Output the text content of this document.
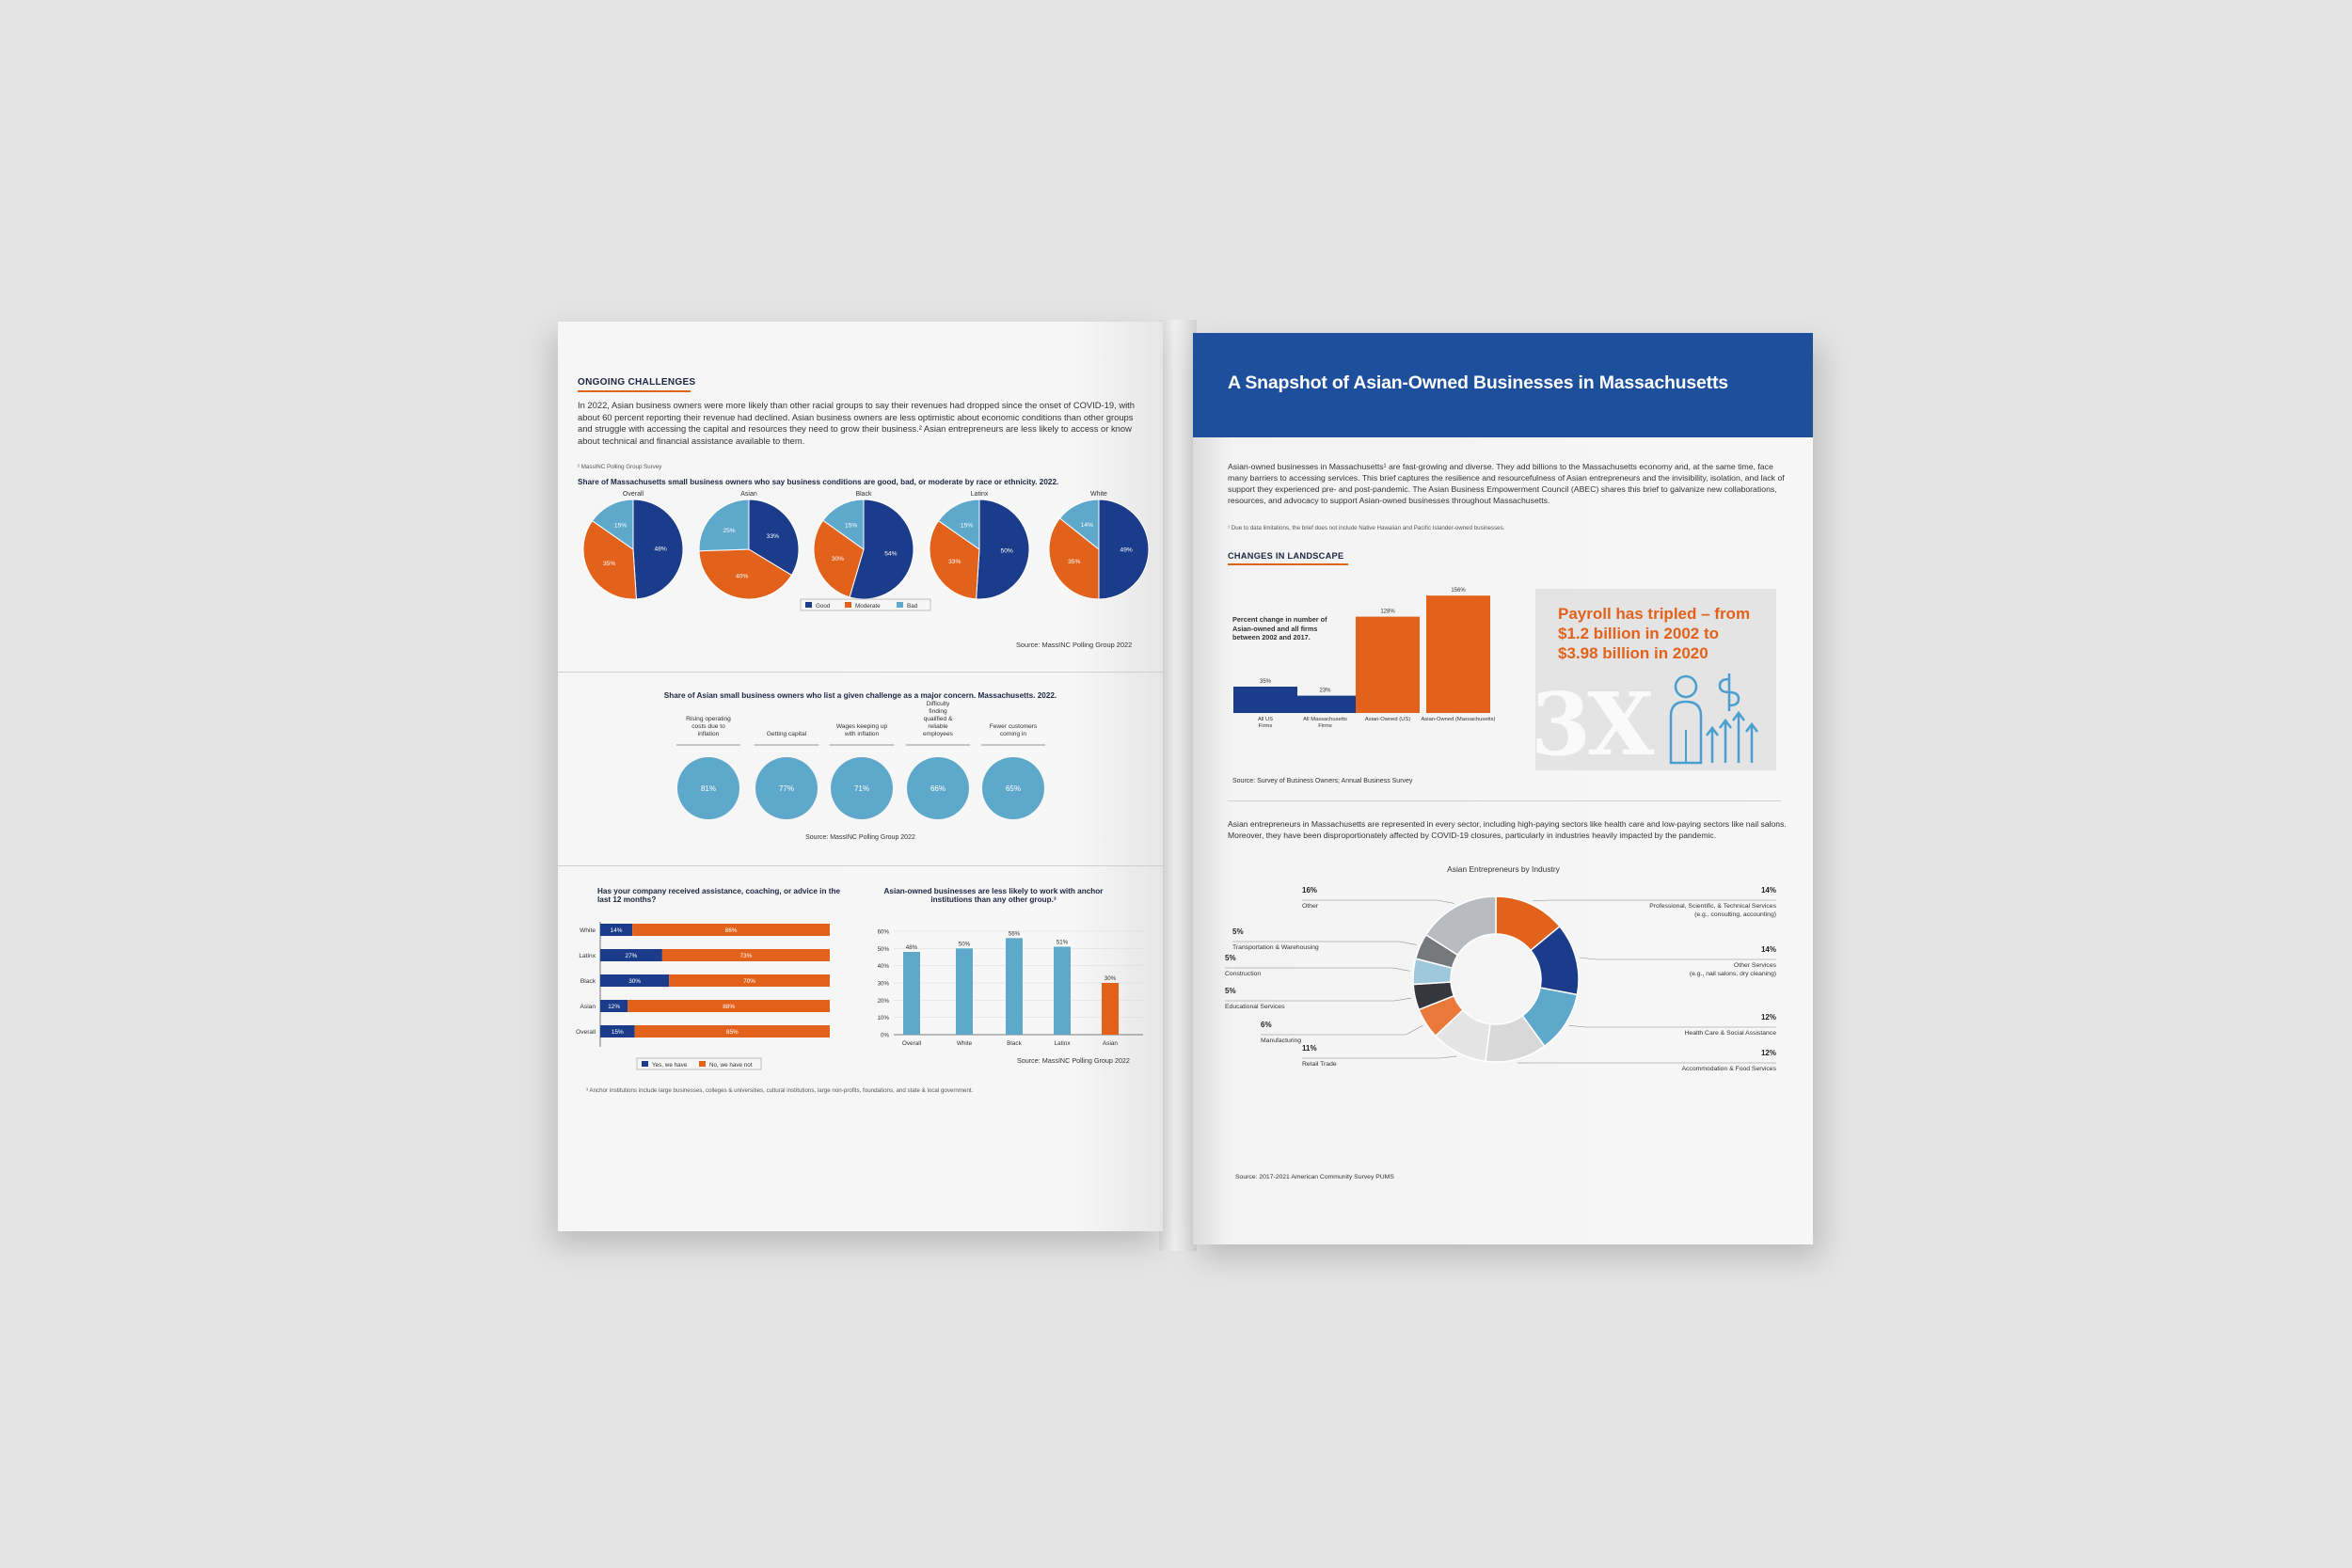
ONGOING CHALLENGES
In 2022, Asian business owners were more likely than other racial groups to say their revenues had dropped since the onset of COVID-19, with about 60 percent reporting their revenue had declined. Asian business owners are less optimistic about economic conditions than other groups and struggle with accessing the capital and resources they need to grow their business.² Asian entrepreneurs are less likely to access or know about technical and financial assistance available to them.
² MassINC Polling Group Survey
Share of Massachusetts small business owners who say business conditions are good, bad, or moderate by race or ethnicity. 2022.
Overall
48%
35%
15%
Asian
33%
40%
25%
Black
54%
30%
15%
Latinx
50%
33%
15%
White
49%
35%
14%
Good	Moderate	Bad
Source: MassINC Polling Group 2022
Share of Asian small business owners who list a given challenge as a major concern. Massachusetts. 2022.
Rising operating
costs due to
inflation
81%
Getting capital
77%
Wages keeping up
with inflation
71%
Difficulty
finding
qualified &
reliable
employees
66%
Fewer customers
coming in
65%
Source: MassINC Polling Group 2022
Has your company received assistance, coaching, or advice in the last 12 months?
White 14%	86%
Latinx	27%	73%
Black	30%	70%
Asian 12%	88%
Overall	15%	85%
Yes, we have	No, we have not
Asian-owned businesses are less likely to work with anchor institutions than any other group.³
0%
10%
20%
30%
40%
50%
60%
48%
Overall
50%
White
56%
Black
51%
Latinx
30%
Asian
Source: MassINC Polling Group 2022
³ Anchor institutions include large businesses, colleges & universities, cultural institutions, large non-profits, foundations, and state & local government.
A Snapshot of Asian-Owned Businesses in Massachusetts
Asian-owned businesses in Massachusetts¹ are fast-growing and diverse. They add billions to the Massachusetts economy and, at the same time, face many barriers to accessing services. This brief captures the resilience and resourcefulness of Asian entrepreneurs and the invisibility, isolation, and lack of support they experienced pre- and post-pandemic. The Asian Business Empowerment Council (ABEC) shares this brief to galvanize new collaborations, resources, and advocacy to support Asian-owned businesses throughout Massachusetts.
¹ Due to data limitations, the brief does not include Native Hawaiian and Pacific Islander-owned businesses.
CHANGES IN LANDSCAPE
Percent change in number of Asian-owned and all firms between 2002 and 2017.
35%
All US
Firms
23%
All Massachusetts
Firms
128%
Asian-Owned (US)
156%
Asian-Owned (Massachusetts)
Source: Survey of Business Owners; Annual Business Survey
3X
Payroll has tripled – from $1.2 billion in 2002 to $3.98 billion in 2020
Asian entrepreneurs in Massachusetts are represented in every sector, including high-paying sectors like health care and low-paying sectors like nail salons. Moreover, they have been disproportionately affected by COVID-19 closures, particularly in industries heavily impacted by the pandemic.
Asian Entrepreneurs by Industry
14%
Professional, Scientific, & Technical Services
(e.g., consulting, accounting)
14%
Other Services
(e.g., nail salons, dry cleaning)
12%
Health Care & Social Assistance
12%
Accommodation & Food Services
11%
Retail Trade
6%
Manufacturing
5%
Educational Services
5%
Construction
5%
Transportation & Warehousing
16%
Other
Source: 2017-2021 American Community Survey PUMS
